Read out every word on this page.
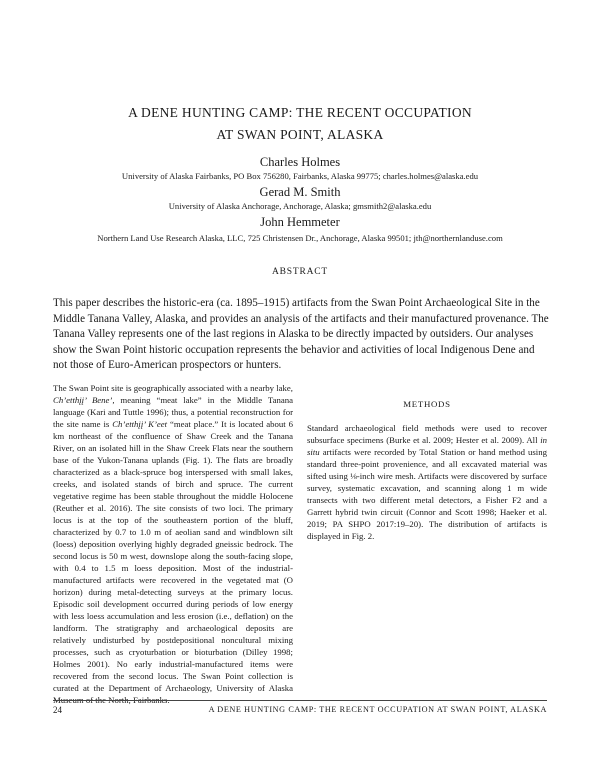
A DENE HUNTING CAMP: THE RECENT OCCUPATION
AT SWAN POINT, ALASKA
Charles Holmes
University of Alaska Fairbanks, PO Box 756280, Fairbanks, Alaska 99775; charles.holmes@alaska.edu
Gerad M. Smith
University of Alaska Anchorage, Anchorage, Alaska; gmsmith2@alaska.edu
John Hemmeter
Northern Land Use Research Alaska, LLC, 725 Christensen Dr., Anchorage, Alaska 99501; jth@northernlanduse.com
ABSTRACT

This paper describes the historic-era (ca. 1895–1915) artifacts from the Swan Point Archaeological Site in the Middle Tanana Valley, Alaska, and provides an analysis of the artifacts and their manufactured provenance. The Tanana Valley represents one of the last regions in Alaska to be directly impacted by outsiders. Our analyses show the Swan Point historic occupation represents the behavior and activities of local Indigenous Dene and not those of Euro-American prospectors or hunters.

The Swan Point site is geographically associated with a nearby lake, Ch’etthįį’ Bene’, meaning “meat lake” in the Middle Tanana language (Kari and Tuttle 1996); thus, a potential reconstruction for the site name is Ch’etthįį’ K’eet “meat place.” It is located about 6 km northeast of the confluence of Shaw Creek and the Tanana River, on an isolated hill in the Shaw Creek Flats near the southern base of the Yukon-Tanana uplands (Fig. 1). The flats are broadly characterized as a black-spruce bog interspersed with small lakes, creeks, and isolated stands of birch and spruce. The current vegetative regime has been stable throughout the middle Holocene (Reuther et al. 2016). The site consists of two loci. The primary locus is at the top of the southeastern portion of the bluff, characterized by 0.7 to 1.0 m of aeolian sand and windblown silt (loess) deposition overlying highly degraded gneissic bedrock. The second locus is 50 m west, downslope along the south-facing slope, with 0.4 to 1.5 m loess deposition. Most of the industrial-manufactured artifacts were recovered in the vegetated mat (O horizon) during metal-detecting surveys at the primary locus. Episodic soil development occurred during periods of low energy with less loess accumulation and less erosion (i.e., deflation) on the landform. The stratigraphy and archaeological deposits are relatively undisturbed by postdepositional noncultural mixing processes, such as cryoturbation or bioturbation (Dilley 1998; Holmes 2001). No early industrial-manufactured items were recovered from the second locus. The Swan Point collection is curated at the Department of Archaeology, University of Alaska Museum of the North, Fairbanks.

METHODS

Standard archaeological field methods were used to recover subsurface specimens (Burke et al. 2009; Hester et al. 2009). All in situ artifacts were recorded by Total Station or hand method using standard three-point provenience, and all excavated material was sifted using ⅛-inch wire mesh. Artifacts were discovered by surface survey, systematic excavation, and scanning along 1 m wide transects with two different metal detectors, a Fisher F2 and a Garrett hybrid twin circuit (Connor and Scott 1998; Haeker et al. 2019; PA SHPO 2017:19–20). The distribution of artifacts is displayed in Fig. 2.

24	A DENE HUNTING CAMP: THE RECENT OCCUPATION AT SWAN POINT, ALASKA
